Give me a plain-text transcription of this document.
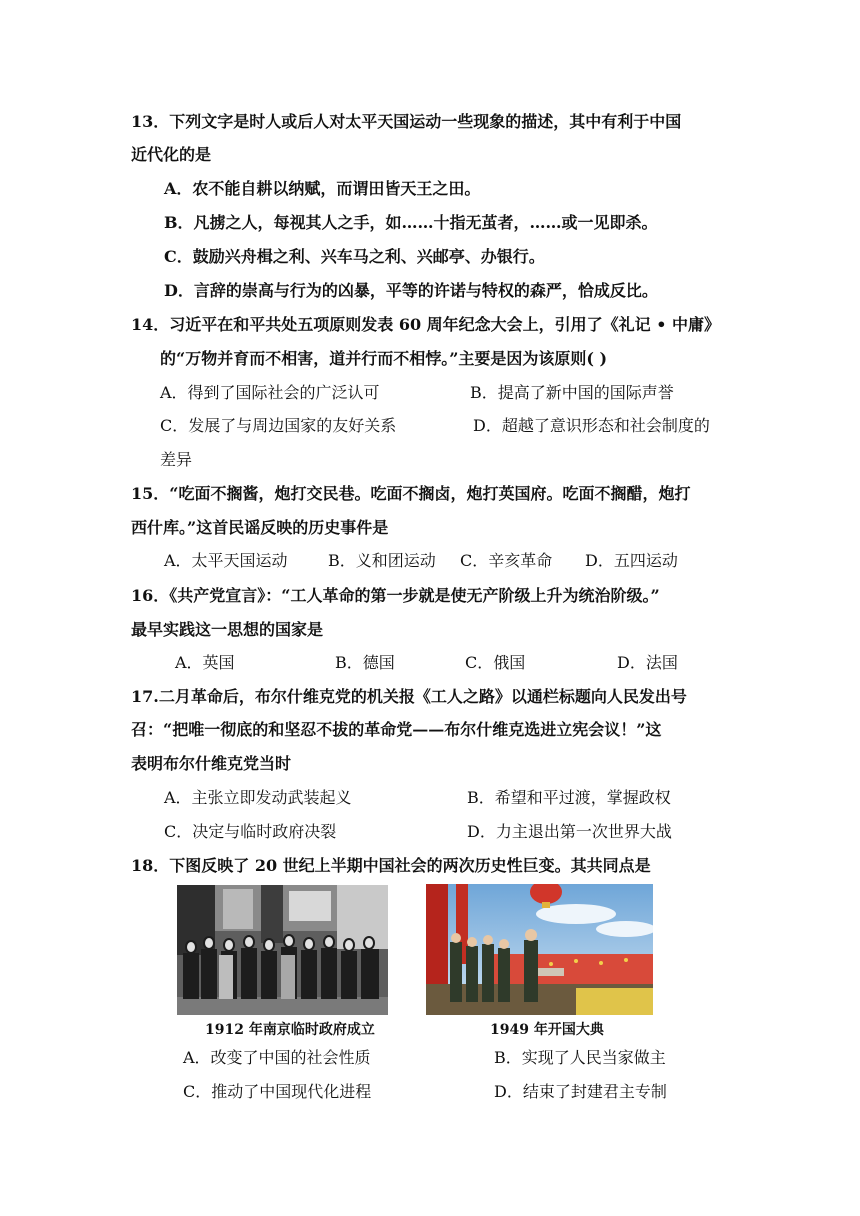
13．下列文字是时人或后人对太平天国运动一些现象的描述，其中有利于中国
近代化的是
A．农不能自耕以纳赋，而谓田皆天王之田。
B．凡掳之人，每视其人之手，如……十指无茧者，……或一见即杀。
C．鼓励兴舟楫之利、兴车马之利、兴邮亭、办银行。
D．言辞的崇高与行为的凶暴，平等的许诺与特权的森严，恰成反比。
14．习近平在和平共处五项原则发表 60 周年纪念大会上，引用了《礼记 • 中庸》
的“万物并育而不相害，道并行而不相悖。”主要是因为该原则( )
A．得到了国际社会的广泛认可	B．提高了新中国的国际声誉
C．发展了与周边国家的友好关系	D．超越了意识形态和社会制度的
差异
15．“吃面不搁酱，炮打交民巷。吃面不搁卤，炮打英国府。吃面不搁醋，炮打
西什库。”这首民谣反映的历史事件是
A．太平天国运动	B．义和团运动 C．辛亥革命 D．五四运动
16．《共产党宣言》：“工人革命的第一步就是使无产阶级上升为统治阶级。”
最早实践这一思想的国家是
A．英国	B．德国	C．俄国	D．法国
17.二月革命后，布尔什维克党的机关报《工人之路》以通栏标题向人民发出号
召：“把唯一彻底的和坚忍不拔的革命党——布尔什维克选进立宪会议！”这
表明布尔什维克党当时
A．主张立即发动武装起义	B．希望和平过渡，掌握政权
C．决定与临时政府决裂	D．力主退出第一次世界大战
18．下图反映了 20 世纪上半期中国社会的两次历史性巨变。其共同点是
1912 年南京临时政府成立	1949 年开国大典
A．改变了中国的社会性质	B．实现了人民当家做主
C．推动了中国现代化进程	D．结束了封建君主专制
